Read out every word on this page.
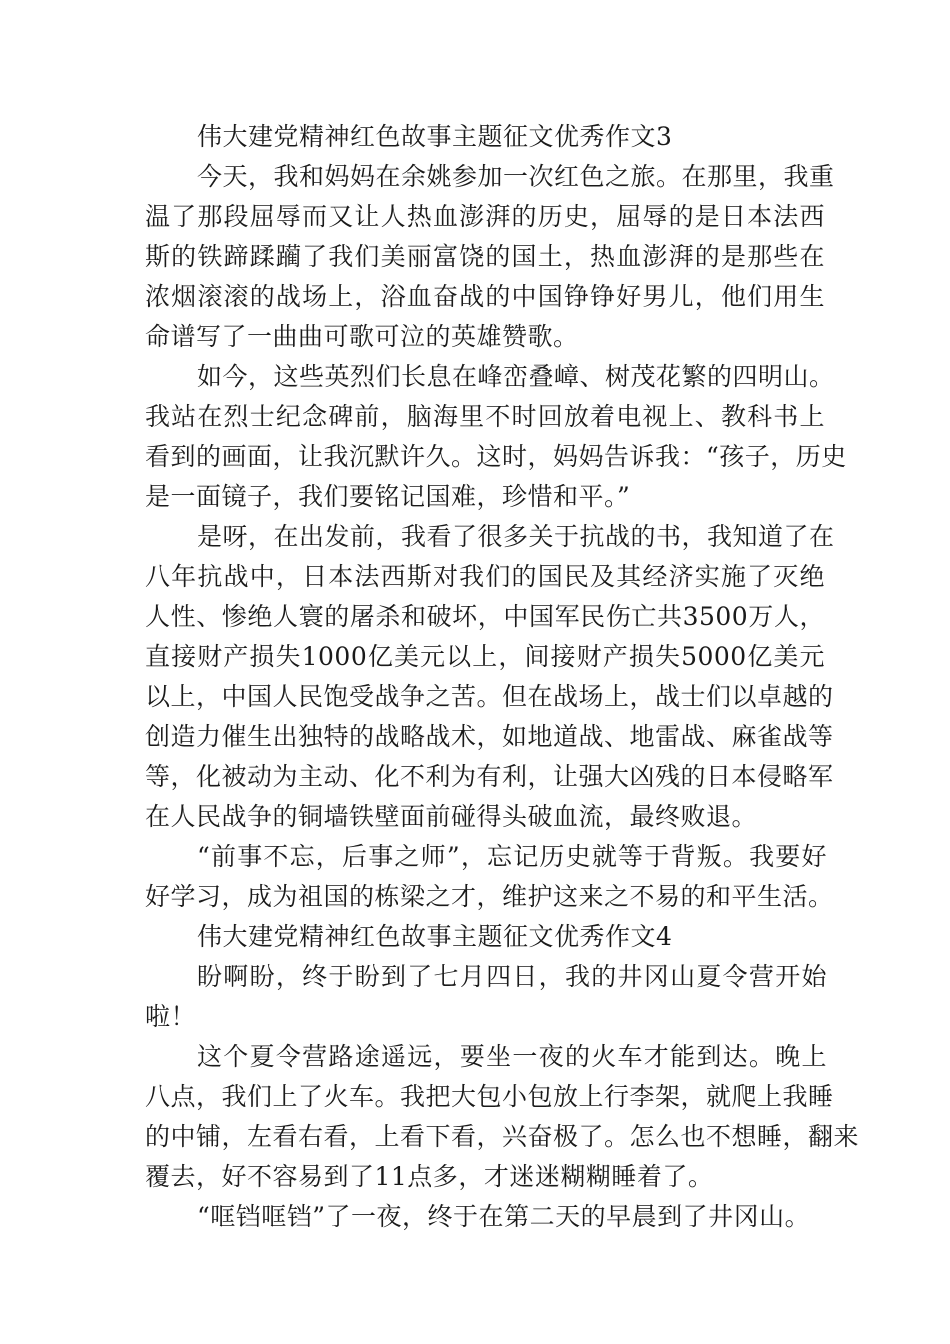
伟大建党精神红色故事主题征文优秀作文3
今天，我和妈妈在余姚参加一次红色之旅。在那里，我重
温了那段屈辱而又让人热血澎湃的历史，屈辱的是日本法西
斯的铁蹄蹂躏了我们美丽富饶的国土，热血澎湃的是那些在
浓烟滚滚的战场上，浴血奋战的中国铮铮好男儿，他们用生
命谱写了一曲曲可歌可泣的英雄赞歌。
如今，这些英烈们长息在峰峦叠嶂、树茂花繁的四明山。
我站在烈士纪念碑前，脑海里不时回放着电视上、教科书上
看到的画面，让我沉默许久。这时，妈妈告诉我：“孩子，历史
是一面镜子，我们要铭记国难，珍惜和平。”
是呀，在出发前，我看了很多关于抗战的书，我知道了在
八年抗战中，日本法西斯对我们的国民及其经济实施了灭绝
人性、惨绝人寰的屠杀和破坏，中国军民伤亡共3500万人，
直接财产损失1000亿美元以上，间接财产损失5000亿美元
以上，中国人民饱受战争之苦。但在战场上，战士们以卓越的
创造力催生出独特的战略战术，如地道战、地雷战、麻雀战等
等，化被动为主动、化不利为有利，让强大凶残的日本侵略军
在人民战争的铜墙铁壁面前碰得头破血流，最终败退。
“前事不忘，后事之师”，忘记历史就等于背叛。我要好
好学习，成为祖国的栋梁之才，维护这来之不易的和平生活。
伟大建党精神红色故事主题征文优秀作文4
盼啊盼，终于盼到了七月四日，我的井冈山夏令营开始
啦！
这个夏令营路途遥远，要坐一夜的火车才能到达。晚上
八点，我们上了火车。我把大包小包放上行李架，就爬上我睡
的中铺，左看右看，上看下看，兴奋极了。怎么也不想睡，翻来
覆去，好不容易到了11点多，才迷迷糊糊睡着了。
“哐铛哐铛”了一夜，终于在第二天的早晨到了井冈山。
